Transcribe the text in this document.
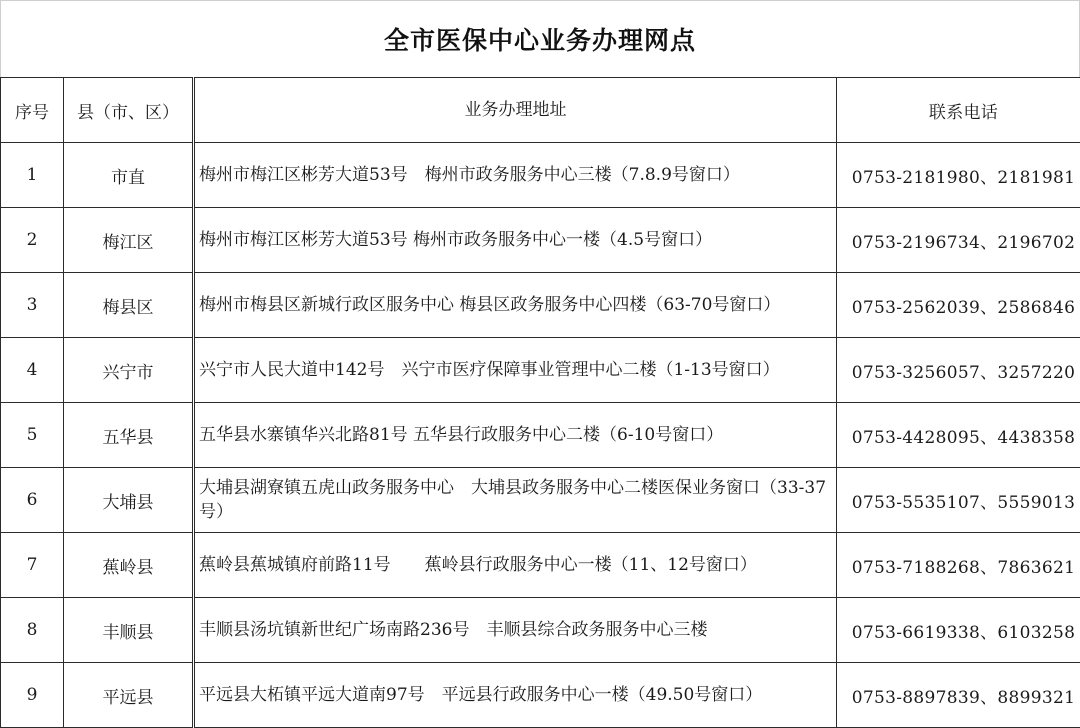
全市医保中心业务办理网点
序号	县（市、区）	业务办理地址	联系电话
1	市直	梅州市梅江区彬芳大道53号　梅州市政务服务中心三楼（7.8.9号窗口）	0753-2181980、2181981
2	梅江区	梅州市梅江区彬芳大道53号 梅州市政务服务中心一楼（4.5号窗口）	0753-2196734、2196702
3	梅县区	梅州市梅县区新城行政区服务中心 梅县区政务服务中心四楼（63-70号窗口）	0753-2562039、2586846
4	兴宁市	兴宁市人民大道中142号　兴宁市医疗保障事业管理中心二楼（1-13号窗口）	0753-3256057、3257220
5	五华县	五华县水寨镇华兴北路81号 五华县行政服务中心二楼（6-10号窗口）	0753-4428095、4438358
6	大埔县	大埔县湖寮镇五虎山政务服务中心　大埔县政务服务中心二楼医保业务窗口（33-37号）	0753-5535107、5559013
7	蕉岭县	蕉岭县蕉城镇府前路11号　　蕉岭县行政服务中心一楼（11、12号窗口）	0753-7188268、7863621
8	丰顺县	丰顺县汤坑镇新世纪广场南路236号　丰顺县综合政务服务中心三楼	0753-6619338、6103258
9	平远县	平远县大柘镇平远大道南97号　平远县行政服务中心一楼（49.50号窗口）	0753-8897839、8899321
